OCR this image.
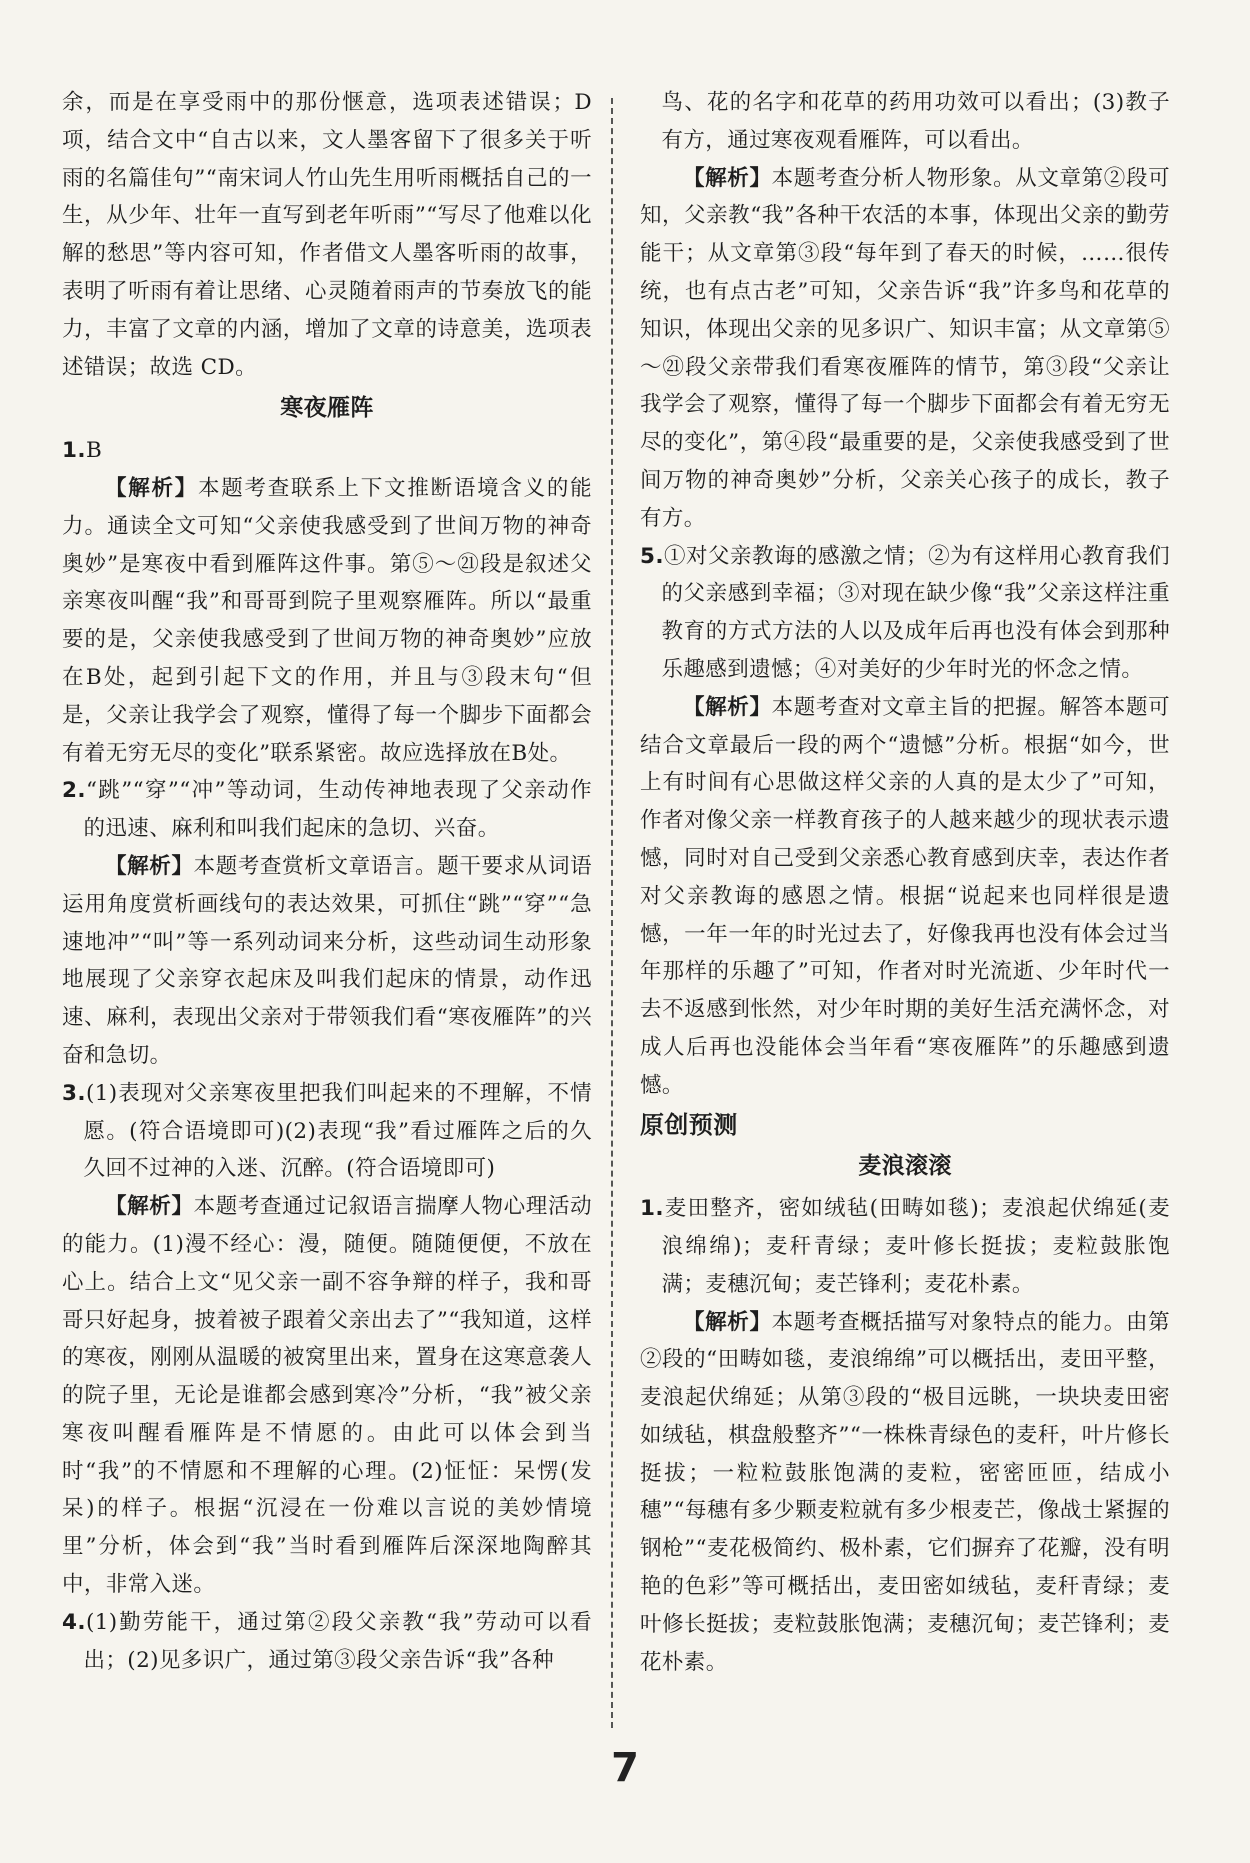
余，而是在享受雨中的那份惬意，选项表述错误；D项，结合文中“自古以来，文人墨客留下了很多关于听雨的名篇佳句”“南宋词人竹山先生用听雨概括自己的一生，从少年、壮年一直写到老年听雨”“写尽了他难以化解的愁思”等内容可知，作者借文人墨客听雨的故事，表明了听雨有着让思绪、心灵随着雨声的节奏放飞的能力，丰富了文章的内涵，增加了文章的诗意美，选项表述错误；故选 CD。

寒夜雁阵

1.B

【解析】本题考查联系上下文推断语境含义的能力。通读全文可知“父亲使我感受到了世间万物的神奇奥妙”是寒夜中看到雁阵这件事。第⑤～㉑段是叙述父亲寒夜叫醒“我”和哥哥到院子里观察雁阵。所以“最重要的是，父亲使我感受到了世间万物的神奇奥妙”应放在B处，起到引起下文的作用，并且与③段末句“但是，父亲让我学会了观察，懂得了每一个脚步下面都会有着无穷无尽的变化”联系紧密。故应选择放在B处。

2.“跳”“穿”“冲”等动词，生动传神地表现了父亲动作的迅速、麻利和叫我们起床的急切、兴奋。

【解析】本题考查赏析文章语言。题干要求从词语运用角度赏析画线句的表达效果，可抓住“跳”“穿”“急速地冲”“叫”等一系列动词来分析，这些动词生动形象地展现了父亲穿衣起床及叫我们起床的情景，动作迅速、麻利，表现出父亲对于带领我们看“寒夜雁阵”的兴奋和急切。

3.(1)表现对父亲寒夜里把我们叫起来的不理解，不情愿。(符合语境即可)(2)表现“我”看过雁阵之后的久久回不过神的入迷、沉醉。(符合语境即可)

【解析】本题考查通过记叙语言揣摩人物心理活动的能力。(1)漫不经心：漫，随便。随随便便，不放在心上。结合上文“见父亲一副不容争辩的样子，我和哥哥只好起身，披着被子跟着父亲出去了”“我知道，这样的寒夜，刚刚从温暖的被窝里出来，置身在这寒意袭人的院子里，无论是谁都会感到寒冷”分析，“我”被父亲寒夜叫醒看雁阵是不情愿的。由此可以体会到当时“我”的不情愿和不理解的心理。(2)怔怔：呆愣(发呆)的样子。根据“沉浸在一份难以言说的美妙情境里”分析，体会到“我”当时看到雁阵后深深地陶醉其中，非常入迷。

4.(1)勤劳能干，通过第②段父亲教“我”劳动可以看出；(2)见多识广，通过第③段父亲告诉“我”各种

鸟、花的名字和花草的药用功效可以看出；(3)教子有方，通过寒夜观看雁阵，可以看出。

【解析】本题考查分析人物形象。从文章第②段可知，父亲教“我”各种干农活的本事，体现出父亲的勤劳能干；从文章第③段“每年到了春天的时候，……很传统，也有点古老”可知，父亲告诉“我”许多鸟和花草的知识，体现出父亲的见多识广、知识丰富；从文章第⑤～㉑段父亲带我们看寒夜雁阵的情节，第③段“父亲让我学会了观察，懂得了每一个脚步下面都会有着无穷无尽的变化”，第④段“最重要的是，父亲使我感受到了世间万物的神奇奥妙”分析，父亲关心孩子的成长，教子有方。

5.①对父亲教诲的感激之情；②为有这样用心教育我们的父亲感到幸福；③对现在缺少像“我”父亲这样注重教育的方式方法的人以及成年后再也没有体会到那种乐趣感到遗憾；④对美好的少年时光的怀念之情。

【解析】本题考查对文章主旨的把握。解答本题可结合文章最后一段的两个“遗憾”分析。根据“如今，世上有时间有心思做这样父亲的人真的是太少了”可知，作者对像父亲一样教育孩子的人越来越少的现状表示遗憾，同时对自己受到父亲悉心教育感到庆幸，表达作者对父亲教诲的感恩之情。根据“说起来也同样很是遗憾，一年一年的时光过去了，好像我再也没有体会过当年那样的乐趣了”可知，作者对时光流逝、少年时代一去不返感到怅然，对少年时期的美好生活充满怀念，对成人后再也没能体会当年看“寒夜雁阵”的乐趣感到遗憾。

原创预测

麦浪滚滚

1.麦田整齐，密如绒毡(田畴如毯)；麦浪起伏绵延(麦浪绵绵)；麦秆青绿；麦叶修长挺拔；麦粒鼓胀饱满；麦穗沉甸；麦芒锋利；麦花朴素。

【解析】本题考查概括描写对象特点的能力。由第②段的“田畴如毯，麦浪绵绵”可以概括出，麦田平整，麦浪起伏绵延；从第③段的“极目远眺，一块块麦田密如绒毡，棋盘般整齐”“一株株青绿色的麦秆，叶片修长挺拔；一粒粒鼓胀饱满的麦粒，密密匝匝，结成小穗”“每穗有多少颗麦粒就有多少根麦芒，像战士紧握的钢枪”“麦花极简约、极朴素，它们摒弃了花瓣，没有明艳的色彩”等可概括出，麦田密如绒毡，麦秆青绿；麦叶修长挺拔；麦粒鼓胀饱满；麦穗沉甸；麦芒锋利；麦花朴素。

7
